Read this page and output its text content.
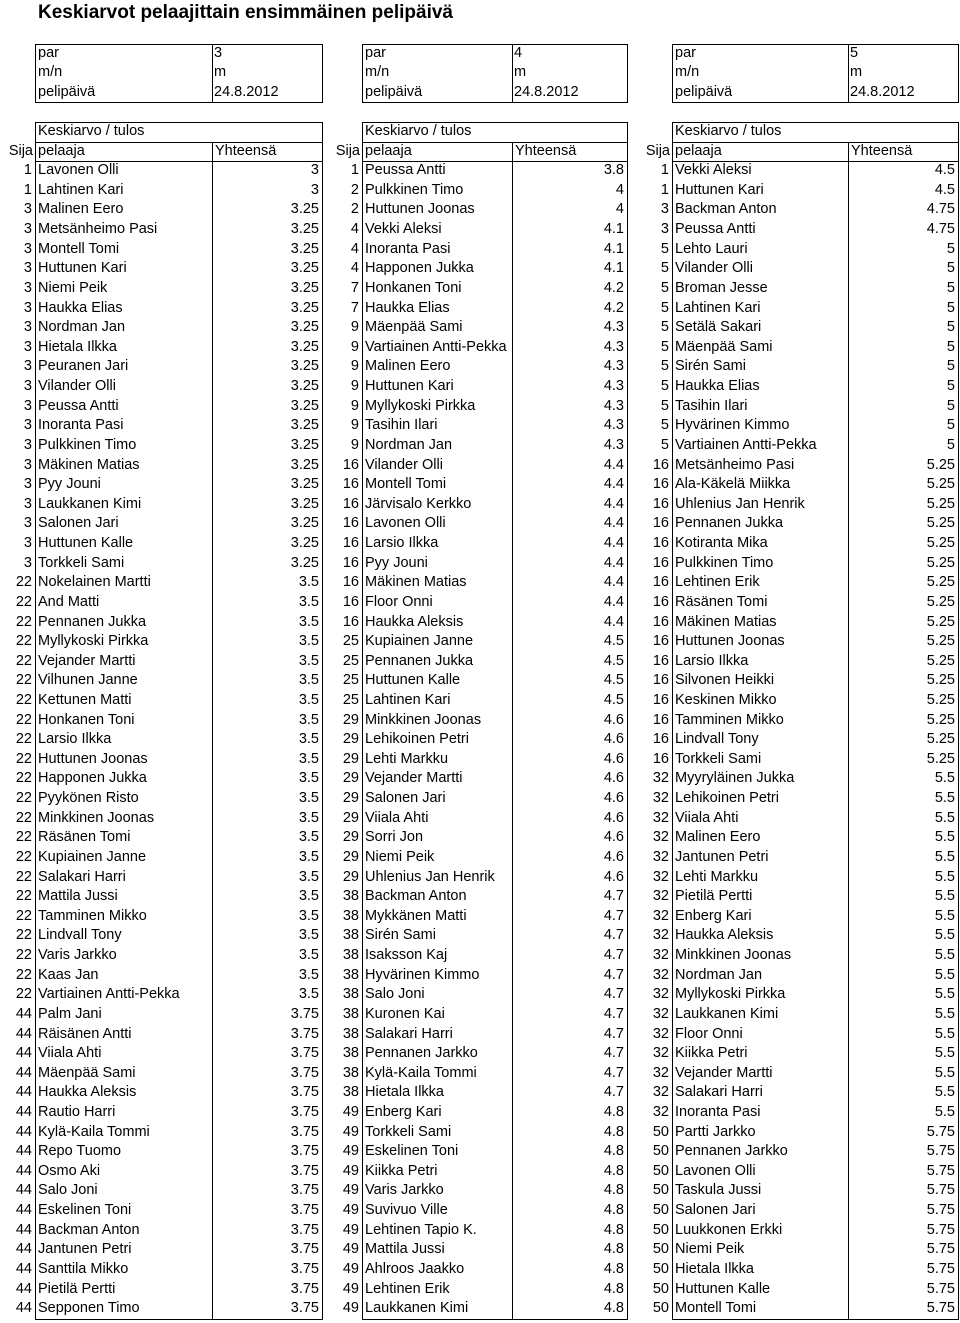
Keskiarvot pelaajittain ensimmäinen pelipäivä
par	3
m/n	m
pelipäivä	24.8.2012
Keskiarvo / tulos
Sija pelaaja	Yhteensä
1 Lavonen Olli	3
1 Lahtinen Kari	3
3 Malinen Eero	3.25
3 Metsänheimo Pasi	3.25
3 Montell Tomi	3.25
3 Huttunen Kari	3.25
3 Niemi Peik	3.25
3 Haukka Elias	3.25
3 Nordman Jan	3.25
3 Hietala Ilkka	3.25
3 Peuranen Jari	3.25
3 Vilander Olli	3.25
3 Peussa Antti	3.25
3 Inoranta Pasi	3.25
3 Pulkkinen Timo	3.25
3 Mäkinen Matias	3.25
3 Pyy Jouni	3.25
3 Laukkanen Kimi	3.25
3 Salonen Jari	3.25
3 Huttunen Kalle	3.25
3 Torkkeli Sami	3.25
22 Nokelainen Martti	3.5
22 And Matti	3.5
22 Pennanen Jukka	3.5
22 Myllykoski Pirkka	3.5
22 Vejander Martti	3.5
22 Vilhunen Janne	3.5
22 Kettunen Matti	3.5
22 Honkanen Toni	3.5
22 Larsio Ilkka	3.5
22 Huttunen Joonas	3.5
22 Happonen Jukka	3.5
22 Pyykönen Risto	3.5
22 Minkkinen Joonas	3.5
22 Räsänen Tomi	3.5
22 Kupiainen Janne	3.5
22 Salakari Harri	3.5
22 Mattila Jussi	3.5
22 Tamminen Mikko	3.5
22 Lindvall Tony	3.5
22 Varis Jarkko	3.5
22 Kaas Jan	3.5
22 Vartiainen Antti-Pekka	3.5
44 Palm Jani	3.75
44 Räisänen Antti	3.75
44 Viiala Ahti	3.75
44 Mäenpää Sami	3.75
44 Haukka Aleksis	3.75
44 Rautio Harri	3.75
44 Kylä-Kaila Tommi	3.75
44 Repo Tuomo	3.75
44 Osmo Aki	3.75
44 Salo Joni	3.75
44 Eskelinen Toni	3.75
44 Backman Anton	3.75
44 Jantunen Petri	3.75
44 Santtila Mikko	3.75
44 Pietilä Pertti	3.75
44 Sepponen Timo	3.75
par	4
m/n	m
pelipäivä	24.8.2012
Keskiarvo / tulos
Sija pelaaja	Yhteensä
1 Peussa Antti	3.8
2 Pulkkinen Timo	4
2 Huttunen Joonas	4
4 Vekki Aleksi	4.1
4 Inoranta Pasi	4.1
4 Happonen Jukka	4.1
7 Honkanen Toni	4.2
7 Haukka Elias	4.2
9 Mäenpää Sami	4.3
9 Vartiainen Antti-Pekka	4.3
9 Malinen Eero	4.3
9 Huttunen Kari	4.3
9 Myllykoski Pirkka	4.3
9 Tasihin Ilari	4.3
9 Nordman Jan	4.3
16 Vilander Olli	4.4
16 Montell Tomi	4.4
16 Järvisalo Kerkko	4.4
16 Lavonen Olli	4.4
16 Larsio Ilkka	4.4
16 Pyy Jouni	4.4
16 Mäkinen Matias	4.4
16 Floor Onni	4.4
16 Haukka Aleksis	4.4
25 Kupiainen Janne	4.5
25 Pennanen Jukka	4.5
25 Huttunen Kalle	4.5
25 Lahtinen Kari	4.5
29 Minkkinen Joonas	4.6
29 Lehikoinen Petri	4.6
29 Lehti Markku	4.6
29 Vejander Martti	4.6
29 Salonen Jari	4.6
29 Viiala Ahti	4.6
29 Sorri Jon	4.6
29 Niemi Peik	4.6
29 Uhlenius Jan Henrik	4.6
38 Backman Anton	4.7
38 Mykkänen Matti	4.7
38 Sirén Sami	4.7
38 Isaksson Kaj	4.7
38 Hyvärinen Kimmo	4.7
38 Salo Joni	4.7
38 Kuronen Kai	4.7
38 Salakari Harri	4.7
38 Pennanen Jarkko	4.7
38 Kylä-Kaila Tommi	4.7
38 Hietala Ilkka	4.7
49 Enberg Kari	4.8
49 Torkkeli Sami	4.8
49 Eskelinen Toni	4.8
49 Kiikka Petri	4.8
49 Varis Jarkko	4.8
49 Suvivuo Ville	4.8
49 Lehtinen Tapio K.	4.8
49 Mattila Jussi	4.8
49 Ahlroos Jaakko	4.8
49 Lehtinen Erik	4.8
49 Laukkanen Kimi	4.8
par	5
m/n	m
pelipäivä	24.8.2012
Keskiarvo / tulos
Sija pelaaja	Yhteensä
1 Vekki Aleksi	4.5
1 Huttunen Kari	4.5
3 Backman Anton	4.75
3 Peussa Antti	4.75
5 Lehto Lauri	5
5 Vilander Olli	5
5 Broman Jesse	5
5 Lahtinen Kari	5
5 Setälä Sakari	5
5 Mäenpää Sami	5
5 Sirén Sami	5
5 Haukka Elias	5
5 Tasihin Ilari	5
5 Hyvärinen Kimmo	5
5 Vartiainen Antti-Pekka	5
16 Metsänheimo Pasi	5.25
16 Ala-Käkelä Miikka	5.25
16 Uhlenius Jan Henrik	5.25
16 Pennanen Jukka	5.25
16 Kotiranta Mika	5.25
16 Pulkkinen Timo	5.25
16 Lehtinen Erik	5.25
16 Räsänen Tomi	5.25
16 Mäkinen Matias	5.25
16 Huttunen Joonas	5.25
16 Larsio Ilkka	5.25
16 Silvonen Heikki	5.25
16 Keskinen Mikko	5.25
16 Tamminen Mikko	5.25
16 Lindvall Tony	5.25
16 Torkkeli Sami	5.25
32 Myyryläinen Jukka	5.5
32 Lehikoinen Petri	5.5
32 Viiala Ahti	5.5
32 Malinen Eero	5.5
32 Jantunen Petri	5.5
32 Lehti Markku	5.5
32 Pietilä Pertti	5.5
32 Enberg Kari	5.5
32 Haukka Aleksis	5.5
32 Minkkinen Joonas	5.5
32 Nordman Jan	5.5
32 Myllykoski Pirkka	5.5
32 Laukkanen Kimi	5.5
32 Floor Onni	5.5
32 Kiikka Petri	5.5
32 Vejander Martti	5.5
32 Salakari Harri	5.5
32 Inoranta Pasi	5.5
50 Partti Jarkko	5.75
50 Pennanen Jarkko	5.75
50 Lavonen Olli	5.75
50 Taskula Jussi	5.75
50 Salonen Jari	5.75
50 Luukkonen Erkki	5.75
50 Niemi Peik	5.75
50 Hietala Ilkka	5.75
50 Huttunen Kalle	5.75
50 Montell Tomi	5.75
